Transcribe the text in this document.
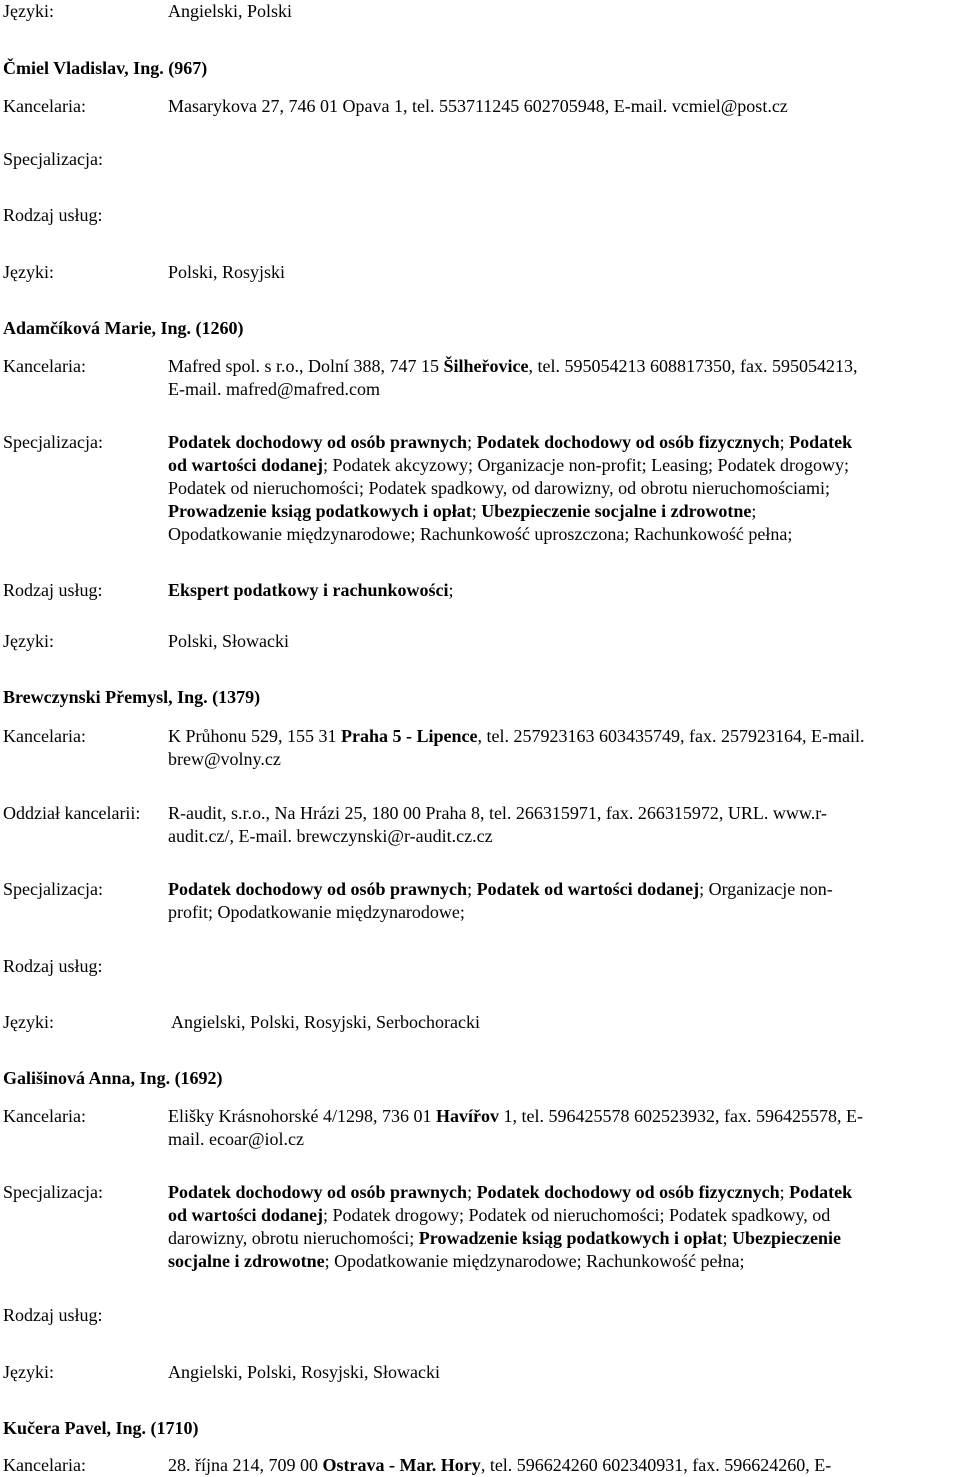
Języki:	Angielski, Polski
Čmiel Vladislav, Ing. (967)
Kancelaria:	Masarykova 27, 746 01 Opava 1, tel. 553711245 602705948, E-mail. vcmiel@post.cz
Specjalizacja:
Rodzaj usług:
Języki:	Polski, Rosyjski
Adamčíková Marie, Ing. (1260)
Kancelaria:	Mafred spol. s r.o., Dolní 388, 747 15 Šilheřovice, tel. 595054213 608817350, fax. 595054213,
E-mail. mafred@mafred.com
Specjalizacja:	Podatek dochodowy od osób prawnych; Podatek dochodowy od osób fizycznych; Podatek
od wartości dodanej; Podatek akcyzowy; Organizacje non-profit; Leasing; Podatek drogowy;
Podatek od nieruchomości; Podatek spadkowy, od darowizny, od obrotu nieruchomościami;
Prowadzenie ksiąg podatkowych i opłat; Ubezpieczenie socjalne i zdrowotne;
Opodatkowanie międzynarodowe; Rachunkowość uproszczona; Rachunkowość pełna;
Rodzaj usług:	Ekspert podatkowy i rachunkowości;
Języki:	Polski, Słowacki
Brewczynski Přemysl, Ing. (1379)
Kancelaria:	K Průhonu 529, 155 31 Praha 5 - Lipence, tel. 257923163 603435749, fax. 257923164, E-mail.
brew@volny.cz
Oddział kancelarii: R-audit, s.r.o., Na Hrázi 25, 180 00 Praha 8, tel. 266315971, fax. 266315972, URL. www.r-
audit.cz/, E-mail. brewczynski@r-audit.cz.cz
Specjalizacja:	Podatek dochodowy od osób prawnych; Podatek od wartości dodanej; Organizacje non-
profit; Opodatkowanie międzynarodowe;
Rodzaj usług:
Języki:	Angielski, Polski, Rosyjski, Serbochoracki
Gališinová Anna, Ing. (1692)
Kancelaria:	Elišky Krásnohorské 4/1298, 736 01 Havířov 1, tel. 596425578 602523932, fax. 596425578, E-
mail. ecoar@iol.cz
Specjalizacja:	Podatek dochodowy od osób prawnych; Podatek dochodowy od osób fizycznych; Podatek
od wartości dodanej; Podatek drogowy; Podatek od nieruchomości; Podatek spadkowy, od
darowizny, obrotu nieruchomości; Prowadzenie ksiąg podatkowych i opłat; Ubezpieczenie
socjalne i zdrowotne; Opodatkowanie międzynarodowe; Rachunkowość pełna;
Rodzaj usług:
Języki:	Angielski, Polski, Rosyjski, Słowacki
Kučera Pavel, Ing. (1710)
Kancelaria:	28. října 214, 709 00 Ostrava - Mar. Hory, tel. 596624260 602340931, fax. 596624260, E-
